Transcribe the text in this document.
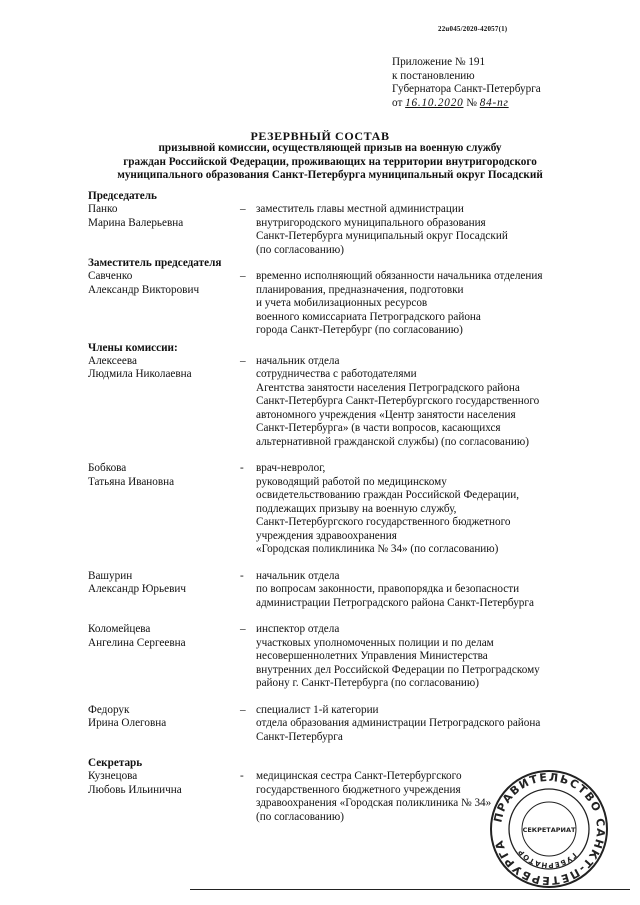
22u045/2020-42057(1)
Приложение № 191
к постановлению
Губернатора Санкт-Петербурга
от 16.10.2020 № 84-пг
РЕЗЕРВНЫЙ СОСТАВ
призывной комиссии, осуществляющей призыв на военную службу
граждан Российской Федерации, проживающих на территории внутригородского
муниципального образования Санкт-Петербурга муниципальный округ Посадский
Председатель
Панко
Марина Валерьевна
– заместитель главы местной администрации
внутригородского муниципального образования
Санкт-Петербурга муниципальный округ Посадский
(по согласованию)
Заместитель председателя
Савченко
Александр Викторович
– временно исполняющий обязанности начальника отделения
планирования, предназначения, подготовки
и учета мобилизационных ресурсов
военного комиссариата Петроградского района
города Санкт-Петербург (по согласованию)
Члены комиссии:
Алексеева
Людмила Николаевна
– начальник отдела
сотрудничества с работодателями
Агентства занятости населения Петроградского района
Санкт-Петербурга Санкт-Петербургского государственного
автономного учреждения «Центр занятости населения
Санкт-Петербурга» (в части вопросов, касающихся
альтернативной гражданской службы) (по согласованию)
Бобкова
Татьяна Ивановна
-	врач-невролог,
руководящий работой по медицинскому
освидетельствованию граждан Российской Федерации,
подлежащих призыву на военную службу,
Санкт-Петербургского государственного бюджетного
учреждения здравоохранения
«Городская поликлиника № 34» (по согласованию)
Вашурин
Александр Юрьевич
-	начальник отдела
по вопросам законности, правопорядка и безопасности
администрации Петроградского района Санкт-Петербурга
Коломейцева
Ангелина Сергеевна
– инспектор отдела
участковых уполномоченных полиции и по делам
несовершеннолетних Управления Министерства
внутренних дел Российской Федерации по Петроградскому
району г. Санкт-Петербурга (по согласованию)
Федорук
Ирина Олеговна
– специалист 1-й категории
отдела образования администрации Петроградского района
Санкт-Петербурга
Секретарь
Кузнецова
Любовь Ильинична
-	медицинская сестра Санкт-Петербургского
государственного бюджетного учреждения
здравоохранения «Городская поликлиника № 34»
(по согласованию)	ПРАВИТЕЛЬСТВО САНКТ-ПЕТЕРБУРГА
ГУБЕРНАТОР
СЕКРЕТАРИАТ
